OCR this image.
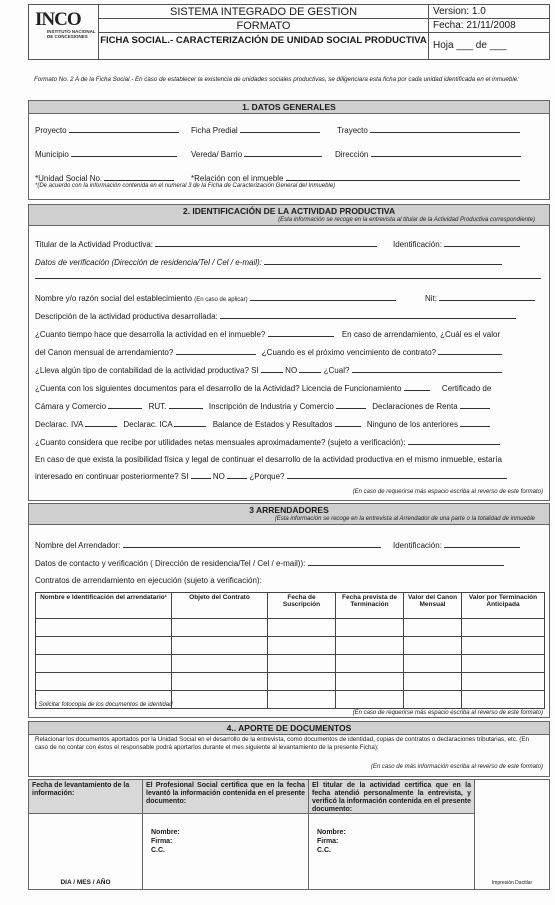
INCO
INSTITUTO NACIONAL DE CONCESIONES
SISTEMA INTEGRADO DE GESTION
FORMATO
FICHA SOCIAL.- CARACTERIZACIÓN DE UNIDAD SOCIAL PRODUCTIVA
Version: 1.0
Fecha: 21/11/2008
Hoja ___ de ___
Formato No. 2 A de la Ficha Social.- En caso de establecer la existencia de unidades sociales productivas, se diligenciara esta ficha por cada unidad identificada en el inmueble:
1. DATOS GENERALES
Proyecto	Ficha Predial	Trayecto
Municipio	Vereda/ Barrio	Dirección
*Unidad Social No.	*Relación con el inmueble
*(De acuerdo con la información contenida en el numeral 3 de la Ficha de Caracterización General del Inmueble)
2. IDENTIFICACIÓN DE LA ACTIVIDAD PRODUCTIVA
(Esta información se recoge en la entrevista al titular de la Actividad Productiva correspondiente)
Titular de la Actividad Productiva:	Identificación:
Datos de verificación (Dirección de residencia/Tel / Cel / e-mail):
Nombre y/o razón social del establecimiento (En caso de aplicar)	Nit:
Descripción de la actividad productiva desarrollada:
¿Cuanto tiempo hace que desarrolla la actividad en el inmueble?	En caso de arrendamiento, ¿Cuál es el valor
del Canon mensual de arrendamiento?	¿Cuando es el próximo vencimiento de contrato?
¿Lleva algún tipo de contabilidad de la actividad productiva? SI	NO	¿Cual?
¿Cuenta con los siguientes documentos para el desarrollo de la Actividad? Licencia de Funcionamiento	Certificado de
Cámara y Comercio	RUT.	Inscripción de Industria y Comercio	Declaraciones de Renta
Declarac. IVA	Declarac. ICA	Balance de Estados y Resultados	Ninguno de los anteriores
¿Cuanto considera que recibe por utilidades netas mensuales aproximadamente? (sujeto a verificación):
En caso de que exista la posibilidad física y legal de continuar el desarrollo de la actividad productiva en el mismo inmueble, estaría
interesado en continuar posteriormente? SI	NO	¿Porque?
(En caso de requerirse más espacio escriba al reverso de este formato)
3 ARRENDADORES
(Esta información se recoge en la entrevista al Arrendador de una parte o la totalidad de inmueble
Nombre del Arrendador:	Identificación:
Datos de contacto y verificación ( Dirección de residencia/Tel / Cel / e-mail)):
Contratos de arrendamiento en ejecución (sujeto a verificación):
Nombre e Identificación del arrendatario¹	Objeto del Contrato	Fecha de Suscripción	Fecha prevista de Terminación	Valor del Canon Mensual	Valor por Terminación Anticipada

¹ Solicitar fotocopia de los documentos de identidad
(En caso de requerirse más espacio escriba al reverso de este formato)
4.. APORTE DE DOCUMENTOS
Relacionar los documentos aportados por la Unidad Social en el desarrollo de la entrevista, como documentos de identidad, copias de contratos o declaraciones tributarias, etc. (En caso de no contar con éstos el responsable podrá aportarlos durante el mes siguiente al levantamiento de la presente Ficha):
(En caso de más información escriba al reverso de este formato)
Fecha de levantamiento de la información:
DIA / MES / AÑO
El Profesional Social certifica que en la fecha levantó la información contenida en el presente documento:
Nombre:
Firma:
C.C.
El titular de la actividad certifica que en la fecha atendió personalmente la entrevista, y verificó la información contenida en el presente documento:
Nombre:
Firma:
C.C.
Impresión Dactilar
